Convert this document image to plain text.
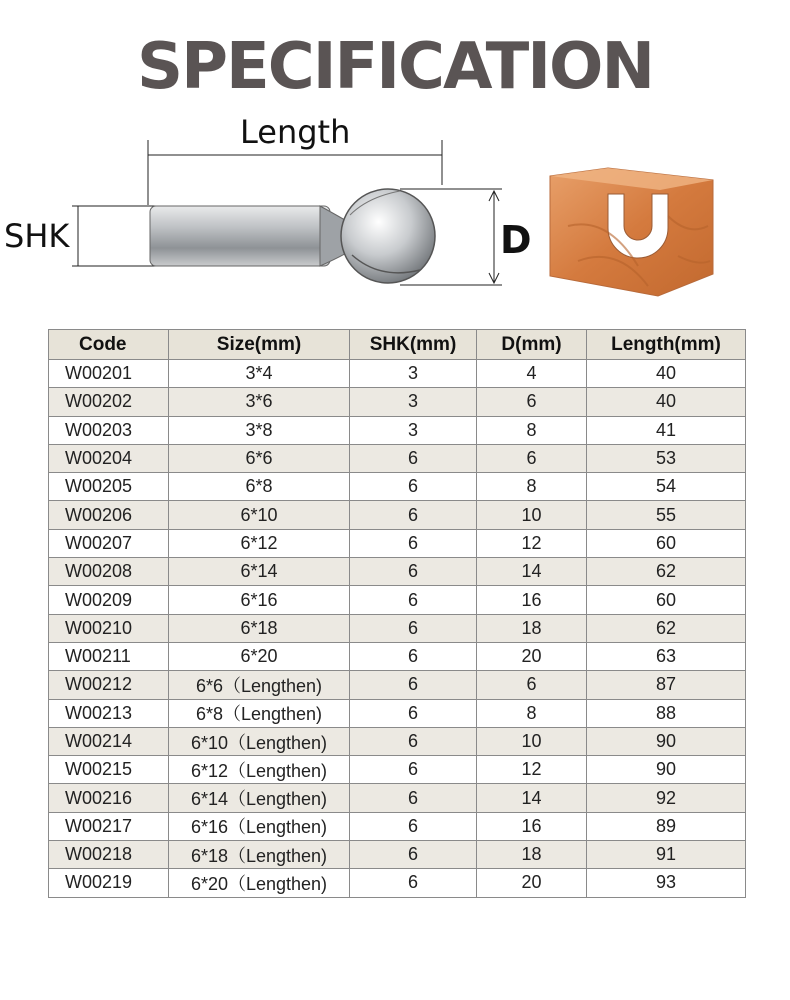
SPECIFICATION
Length
SHK	D
Code	Size(mm)	SHK(mm)	D(mm)	Length(mm)
W00201	3*4	3	4	40
W00202	3*6	3	6	40
W00203	3*8	3	8	41
W00204	6*6	6	6	53
W00205	6*8	6	8	54
W00206	6*10	6	10	55
W00207	6*12	6	12	60
W00208	6*14	6	14	62
W00209	6*16	6	16	60
W00210	6*18	6	18	62
W00211	6*20	6	20	63
W00212	6*6（Lengthen)	6	6	87
W00213	6*8（Lengthen)	6	8	88
W00214	6*10（Lengthen)	6	10	90
W00215	6*12（Lengthen)	6	12	90
W00216	6*14（Lengthen)	6	14	92
W00217	6*16（Lengthen)	6	16	89
W00218	6*18（Lengthen)	6	18	91
W00219	6*20（Lengthen)	6	20	93
